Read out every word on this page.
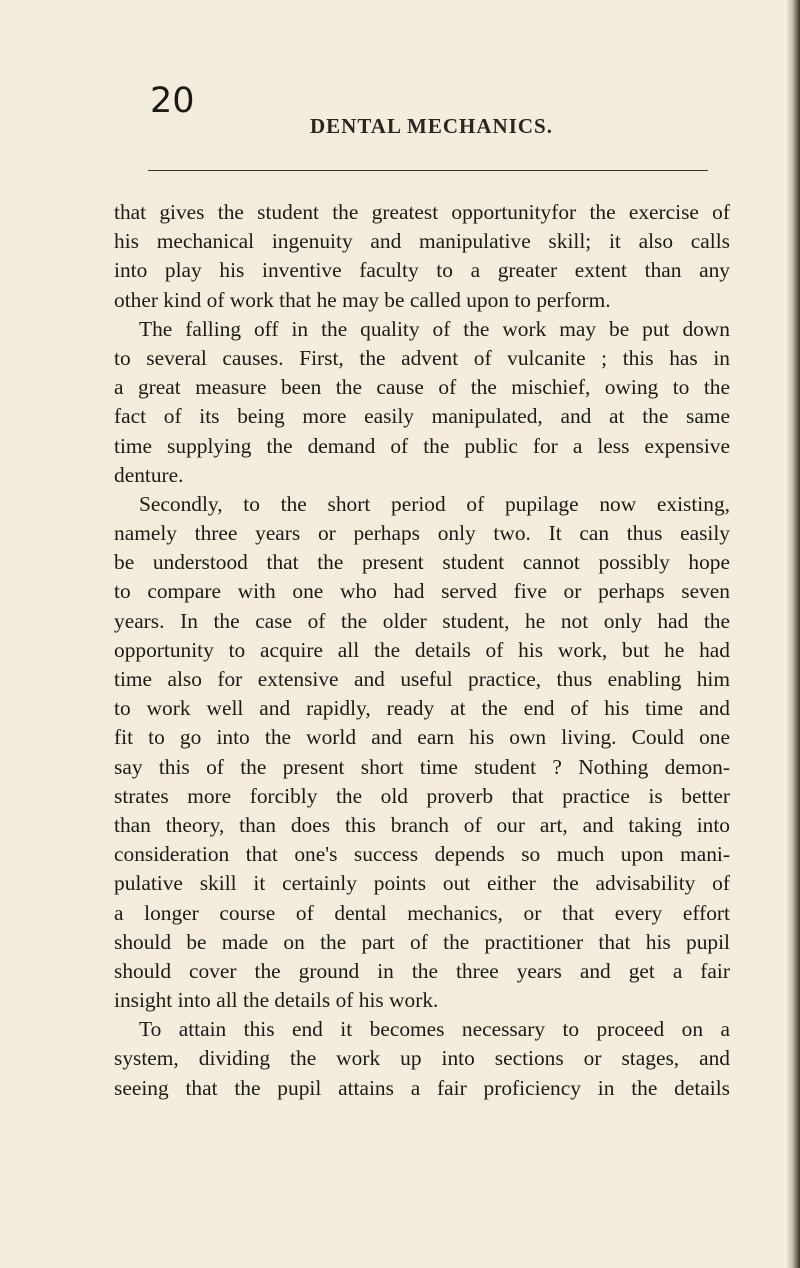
20
DENTAL MECHANICS.
that gives the student the greatest opportunityfor the exercise of
his mechanical ingenuity and manipulative skill; it also calls
into play his inventive faculty to a greater extent than any
other kind of work that he may be called upon to perform.
The falling off in the quality of the work may be put down
to several causes. First, the advent of vulcanite ; this has in
a great measure been the cause of the mischief, owing to the
fact of its being more easily manipulated, and at the same
time supplying the demand of the public for a less expensive
denture.
Secondly, to the short period of pupilage now existing,
namely three years or perhaps only two. It can thus easily
be understood that the present student cannot possibly hope
to compare with one who had served five or perhaps seven
years. In the case of the older student, he not only had the
opportunity to acquire all the details of his work, but he had
time also for extensive and useful practice, thus enabling him
to work well and rapidly, ready at the end of his time and
fit to go into the world and earn his own living. Could one
say this of the present short time student ? Nothing demon-
strates more forcibly the old proverb that practice is better
than theory, than does this branch of our art, and taking into
consideration that one's success depends so much upon mani-
pulative skill it certainly points out either the advisability of
a longer course of dental mechanics, or that every effort
should be made on the part of the practitioner that his pupil
should cover the ground in the three years and get a fair
insight into all the details of his work.
To attain this end it becomes necessary to proceed on a
system, dividing the work up into sections or stages, and
seeing that the pupil attains a fair proficiency in the details
